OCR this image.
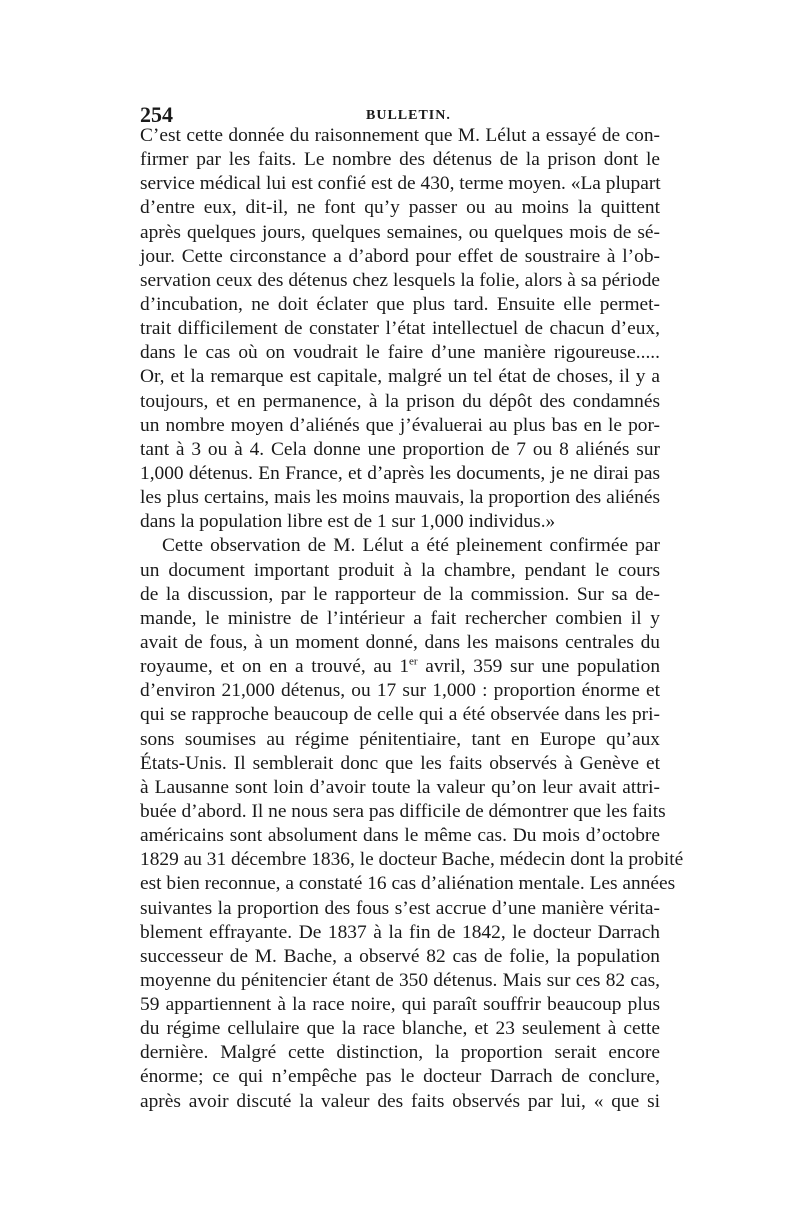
254	BULLETIN.
C’est cette donnée du raisonnement que M. Lélut a essayé de con-
firmer par les faits. Le nombre des détenus de la prison dont le
service médical lui est confié est de 430, terme moyen. «La plupart
d’entre eux, dit-il, ne font qu’y passer ou au moins la quittent
après quelques jours, quelques semaines, ou quelques mois de sé-
jour. Cette circonstance a d’abord pour effet de soustraire à l’ob-
servation ceux des détenus chez lesquels la folie, alors à sa période
d’incubation, ne doit éclater que plus tard. Ensuite elle permet-
trait difficilement de constater l’état intellectuel de chacun d’eux,
dans le cas où on voudrait le faire d’une manière rigoureuse.....
Or, et la remarque est capitale, malgré un tel état de choses, il y a
toujours, et en permanence, à la prison du dépôt des condamnés
un nombre moyen d’aliénés que j’évaluerai au plus bas en le por-
tant à 3 ou à 4. Cela donne une proportion de 7 ou 8 aliénés sur
1,000 détenus. En France, et d’après les documents, je ne dirai pas
les plus certains, mais les moins mauvais, la proportion des aliénés
dans la population libre est de 1 sur 1,000 individus.»
Cette observation de M. Lélut a été pleinement confirmée par
un document important produit à la chambre, pendant le cours
de la discussion, par le rapporteur de la commission. Sur sa de-
mande, le ministre de l’intérieur a fait rechercher combien il y
avait de fous, à un moment donné, dans les maisons centrales du
royaume, et on en a trouvé, au 1er avril, 359 sur une population
d’environ 21,000 détenus, ou 17 sur 1,000 : proportion énorme et
qui se rapproche beaucoup de celle qui a été observée dans les pri-
sons soumises au régime pénitentiaire, tant en Europe qu’aux
États-Unis. Il semblerait donc que les faits observés à Genève et
à Lausanne sont loin d’avoir toute la valeur qu’on leur avait attri-
buée d’abord. Il ne nous sera pas difficile de démontrer que les faits
américains sont absolument dans le même cas. Du mois d’octobre
1829 au 31 décembre 1836, le docteur Bache, médecin dont la probité
est bien reconnue, a constaté 16 cas d’aliénation mentale. Les années
suivantes la proportion des fous s’est accrue d’une manière vérita-
blement effrayante. De 1837 à la fin de 1842, le docteur Darrach
successeur de M. Bache, a observé 82 cas de folie, la population
moyenne du pénitencier étant de 350 détenus. Mais sur ces 82 cas,
59 appartiennent à la race noire, qui paraît souffrir beaucoup plus
du régime cellulaire que la race blanche, et 23 seulement à cette
dernière. Malgré cette distinction, la proportion serait encore
énorme; ce qui n’empêche pas le docteur Darrach de conclure,
après avoir discuté la valeur des faits observés par lui, « que si
